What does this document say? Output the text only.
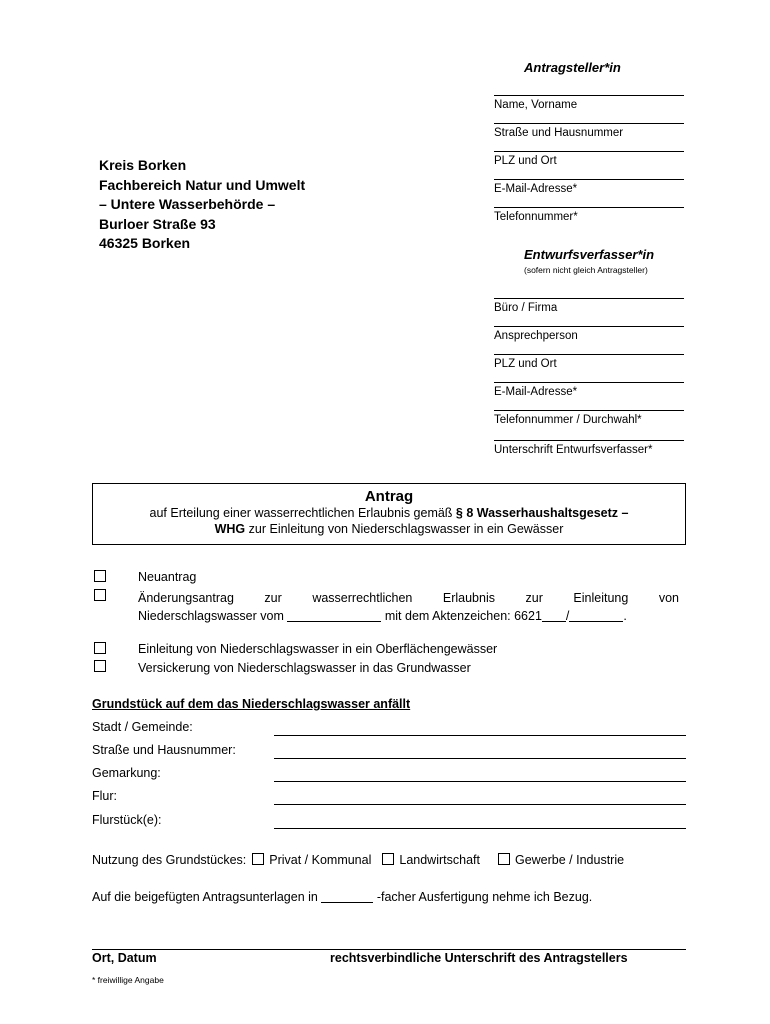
Antragsteller*in
Name, Vorname
Straße und Hausnummer
PLZ und Ort
E-Mail-Adresse*
Telefonnummer*
Kreis Borken
Fachbereich Natur und Umwelt
– Untere Wasserbehörde –
Burloer Straße 93
46325 Borken
Entwurfsverfasser*in
(sofern nicht gleich Antragsteller)
Büro / Firma
Ansprechperson
PLZ und Ort
E-Mail-Adresse*
Telefonnummer / Durchwahl*
Unterschrift Entwurfsverfasser*
Antrag
auf Erteilung einer wasserrechtlichen Erlaubnis gemäß § 8 Wasserhaushaltsgesetz –
WHG zur Einleitung von Niederschlagswasser in ein Gewässer
Neuantrag
Änderungsantrag zur wasserrechtlichen Erlaubnis zur Einleitung von
Niederschlagswasser vom	mit dem Aktenzeichen: 6621 /	.
Einleitung von Niederschlagswasser in ein Oberflächengewässer
Versickerung von Niederschlagswasser in das Grundwasser
Grundstück auf dem das Niederschlagswasser anfällt
Stadt / Gemeinde:
Straße und Hausnummer:
Gemarkung:
Flur:
Flurstück(e):
Nutzung des Grundstückes: Privat / Kommunal Landwirtschaft	Gewerbe / Industrie
Auf die beigefügten Antragsunterlagen in	-facher Ausfertigung nehme ich Bezug.
Ort, Datum	rechtsverbindliche Unterschrift des Antragstellers
* freiwillige Angabe
